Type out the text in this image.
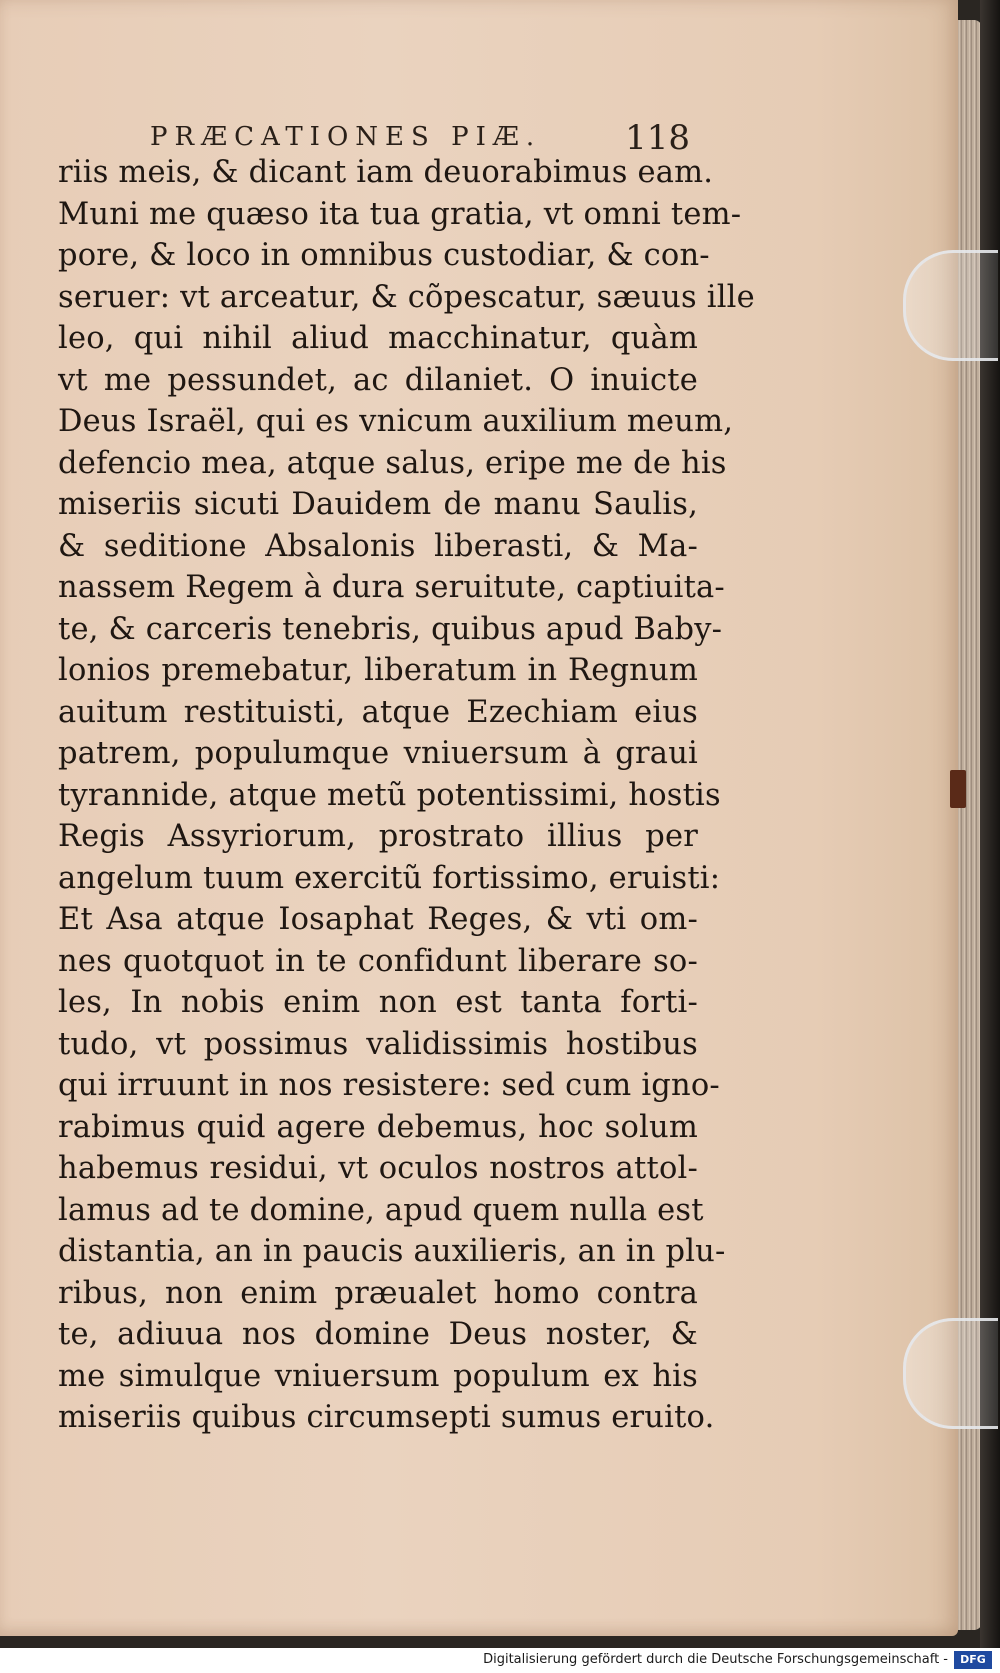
PRÆCATIONES PIÆ. 118
riis meis, & dicant iam deuorabimus eam.
Muni me quæso ita tua gratia, vt omni tem-
pore, & loco in omnibus custodiar, & con-
seruer: vt arceatur, & cõpescatur, sæuus ille
leo, qui nihil aliud macchinatur, quàm
vt me pessundet, ac dilaniet. O inuicte
Deus Israël, qui es vnicum auxilium meum,
defencio mea, atque salus, eripe me de his
miseriis sicuti Dauidem de manu Saulis,
& seditione Absalonis liberasti, & Ma-
nassem Regem à dura seruitute, captiuita-
te, & carceris tenebris, quibus apud Baby-
lonios premebatur, liberatum in Regnum
auitum restituisti, atque Ezechiam eius
patrem, populumque vniuersum à graui
tyrannide, atque metũ potentissimi, hostis
Regis Assyriorum, prostrato illius per
angelum tuum exercitũ fortissimo, eruisti:
Et Asa atque Iosaphat Reges, & vti om-
nes quotquot in te confidunt liberare so-
les, In nobis enim non est tanta forti-
tudo, vt possimus validissimis hostibus
qui irruunt in nos resistere: sed cum igno-
rabimus quid agere debemus, hoc solum
habemus residui, vt oculos nostros attol-
lamus ad te domine, apud quem nulla est
distantia, an in paucis auxilieris, an in plu-
ribus, non enim præualet homo contra
te, adiuua nos domine Deus noster, &
me simulque vniuersum populum ex his
miseriis quibus circumsepti sumus eruito.
Digitalisierung gefördert durch die Deutsche Forschungsgemeinschaft -	DFG
